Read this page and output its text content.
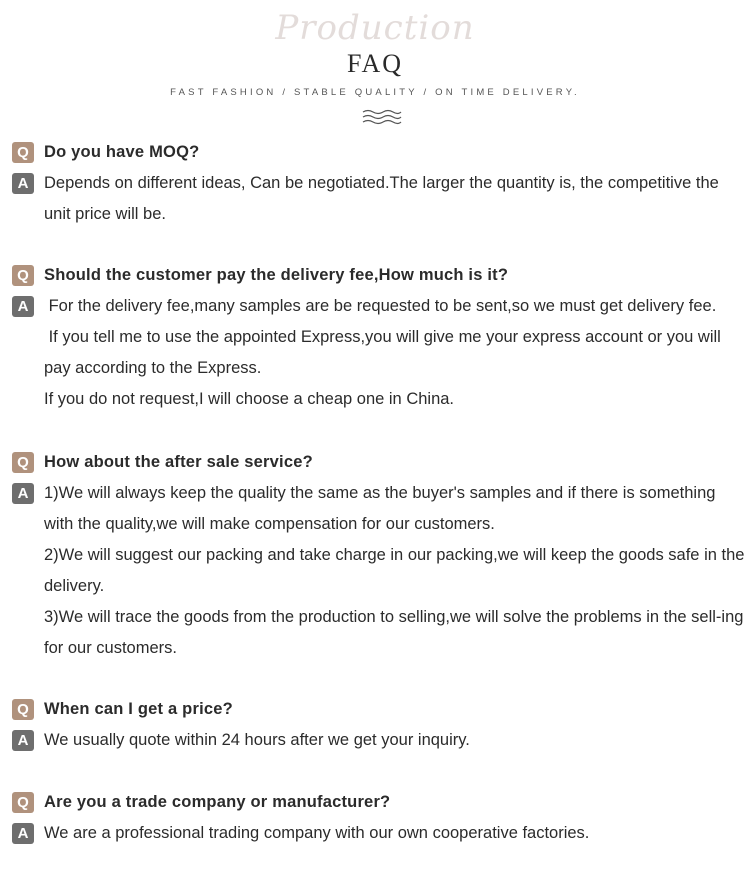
Production
FAQ
FAST FASHION / STABLE QUALITY / ON TIME DELIVERY.
Q Do you have MOQ?
A Depends on different ideas, Can be negotiated.The larger the quantity is, the competitive the unit price will be.

Q Should the customer pay the delivery fee,How much is it?
A For the delivery fee,many samples are be requested to be sent,so we must get delivery fee.

If you tell me to use the appointed Express,you will give me your express account or you will pay according to the Express.

If you do not request,I will choose a cheap one in China.

Q How about the after sale service?
A 1)We will always keep the quality the same as the buyer's samples and if there is something with the quality,we will make compensation for our customers.

2)We will suggest our packing and take charge in our packing,we will keep the goods safe in the delivery.

3)We will trace the goods from the production to selling,we will solve the problems in the sell-ing for our customers.

Q When can I get a price?
A We usually quote within 24 hours after we get your inquiry.

Q Are you a trade company or manufacturer?
A We are a professional trading company with our own cooperative factories.
